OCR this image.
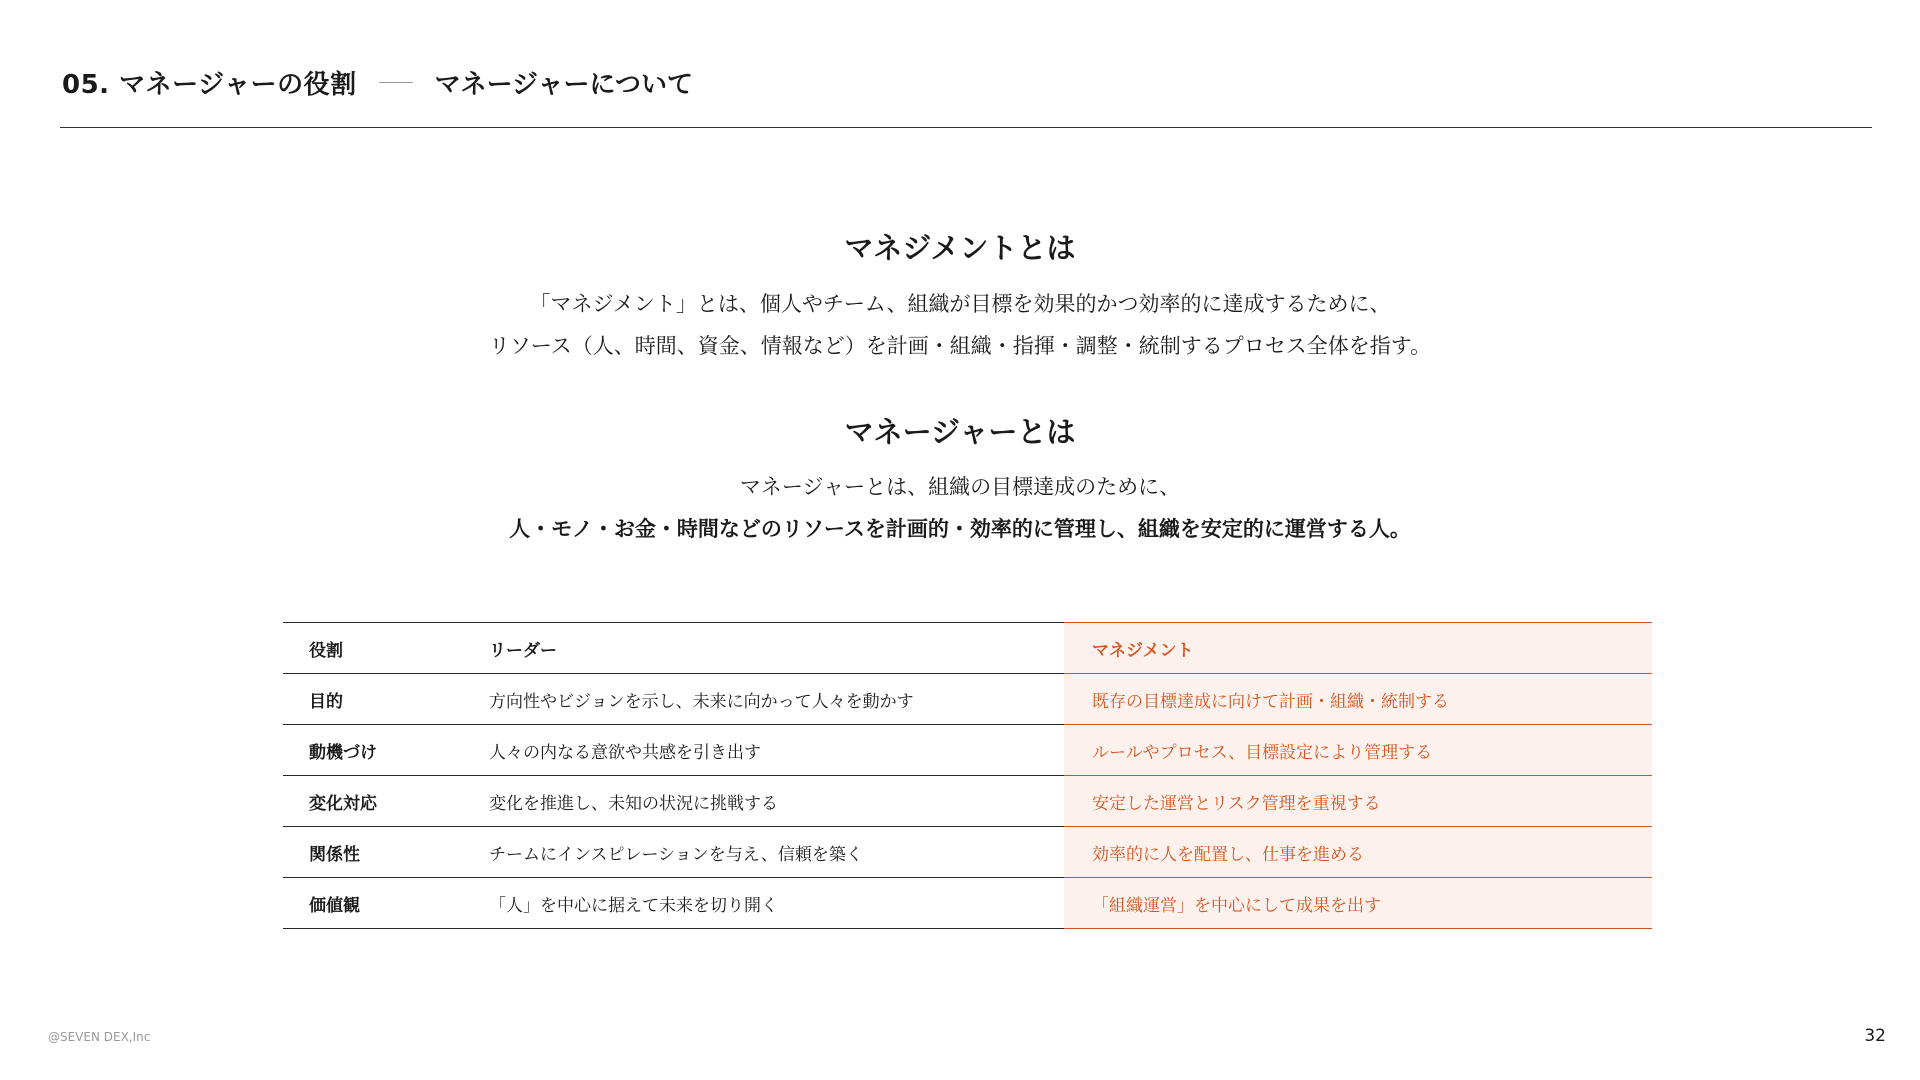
05. マネージャーの役割	マネージャーについて
マネジメントとは
「マネジメント」とは、個人やチーム、組織が目標を効果的かつ効率的に達成するために、
リソース（人、時間、資金、情報など）を計画・組織・指揮・調整・統制するプロセス全体を指す。
マネージャーとは
マネージャーとは、組織の目標達成のために、
人・モノ・お金・時間などのリソースを計画的・効率的に管理し、組織を安定的に運営する人。
役割	リーダー	マネジメント
目的	方向性やビジョンを示し、未来に向かって人々を動かす	既存の目標達成に向けて計画・組織・統制する
動機づけ	人々の内なる意欲や共感を引き出す	ルールやプロセス、目標設定により管理する
変化対応	変化を推進し、未知の状況に挑戦する	安定した運営とリスク管理を重視する
関係性	チームにインスピレーションを与え、信頼を築く	効率的に人を配置し、仕事を進める
価値観	「人」を中心に据えて未来を切り開く	「組織運営」を中心にして成果を出す
@SEVEN DEX,Inc	32
